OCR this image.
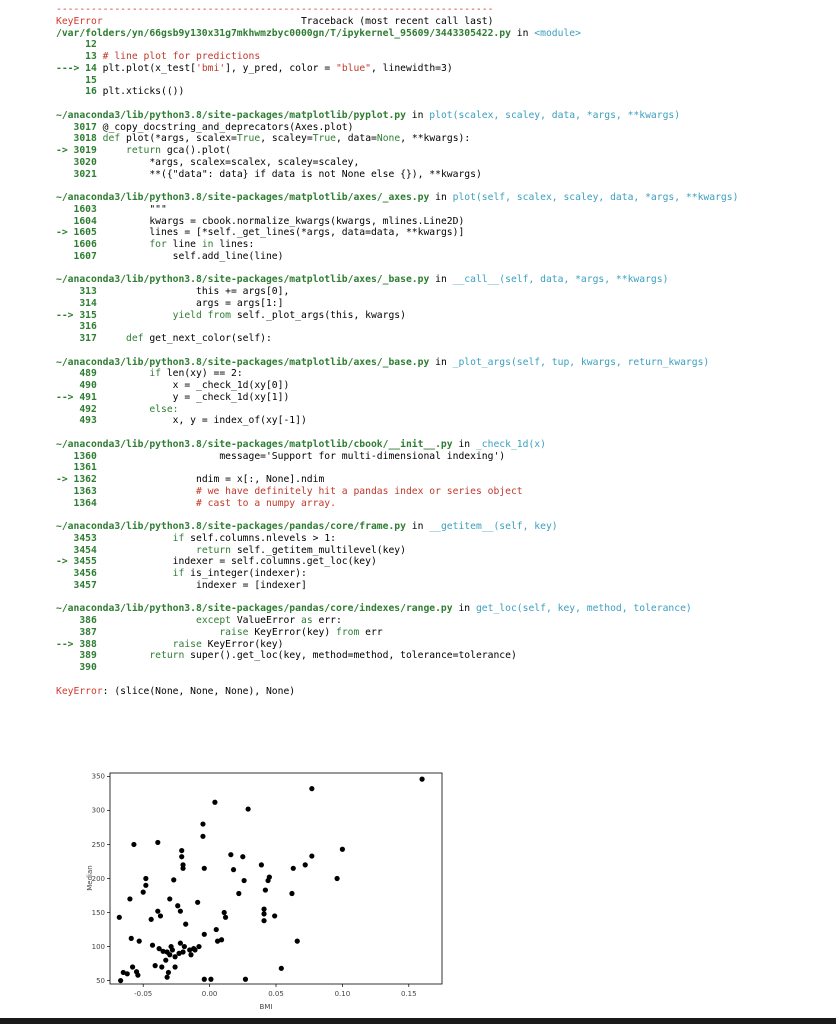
---------------------------------------------------------------------------
KeyError                                  Traceback (most recent call last)
/var/folders/yn/66gsb9y130x31g7mkhwmzbyc0000gn/T/ipykernel_95609/3443305422.py in <module>
12
13 # line plot for predictions
---> 14 plt.plot(x_test['bmi'], y_pred, color = "blue", linewidth=3)
15
16 plt.xticks(())
~/anaconda3/lib/python3.8/site-packages/matplotlib/pyplot.py in plot(scalex, scaley, data, *args, **kwargs)
3017 @_copy_docstring_and_deprecators(Axes.plot)
3018 def plot(*args, scalex=True, scaley=True, data=None, **kwargs):
-> 3019     return gca().plot(
3020         *args, scalex=scalex, scaley=scaley,
3021         **({"data": data} if data is not None else {}), **kwargs)
~/anaconda3/lib/python3.8/site-packages/matplotlib/axes/_axes.py in plot(self, scalex, scaley, data, *args, **kwargs)
1603         """
1604         kwargs = cbook.normalize_kwargs(kwargs, mlines.Line2D)
-> 1605         lines = [*self._get_lines(*args, data=data, **kwargs)]
1606         for line in lines:
1607             self.add_line(line)
~/anaconda3/lib/python3.8/site-packages/matplotlib/axes/_base.py in __call__(self, data, *args, **kwargs)
313                 this += args[0],
314                 args = args[1:]
--> 315             yield from self._plot_args(this, kwargs)
316
317     def get_next_color(self):
~/anaconda3/lib/python3.8/site-packages/matplotlib/axes/_base.py in _plot_args(self, tup, kwargs, return_kwargs)
489         if len(xy) == 2:
490             x = _check_1d(xy[0])
--> 491             y = _check_1d(xy[1])
492         else:
493             x, y = index_of(xy[-1])
~/anaconda3/lib/python3.8/site-packages/matplotlib/cbook/__init__.py in _check_1d(x)
1360                     message='Support for multi-dimensional indexing')
1361
-> 1362                 ndim = x[:, None].ndim
1363                 # we have definitely hit a pandas index or series object
1364                 # cast to a numpy array.
~/anaconda3/lib/python3.8/site-packages/pandas/core/frame.py in __getitem__(self, key)
3453             if self.columns.nlevels > 1:
3454                 return self._getitem_multilevel(key)
-> 3455             indexer = self.columns.get_loc(key)
3456             if is_integer(indexer):
3457                 indexer = [indexer]
~/anaconda3/lib/python3.8/site-packages/pandas/core/indexes/range.py in get_loc(self, key, method, tolerance)
386                 except ValueError as err:
387                     raise KeyError(key) from err
--> 388             raise KeyError(key)
389         return super().get_loc(key, method=method, tolerance=tolerance)
390
KeyError: (slice(None, None, None), None)
50
100
150
200
250
300
350
-0.05	0.00	0.05	0.10	0.15
BMI
Median
